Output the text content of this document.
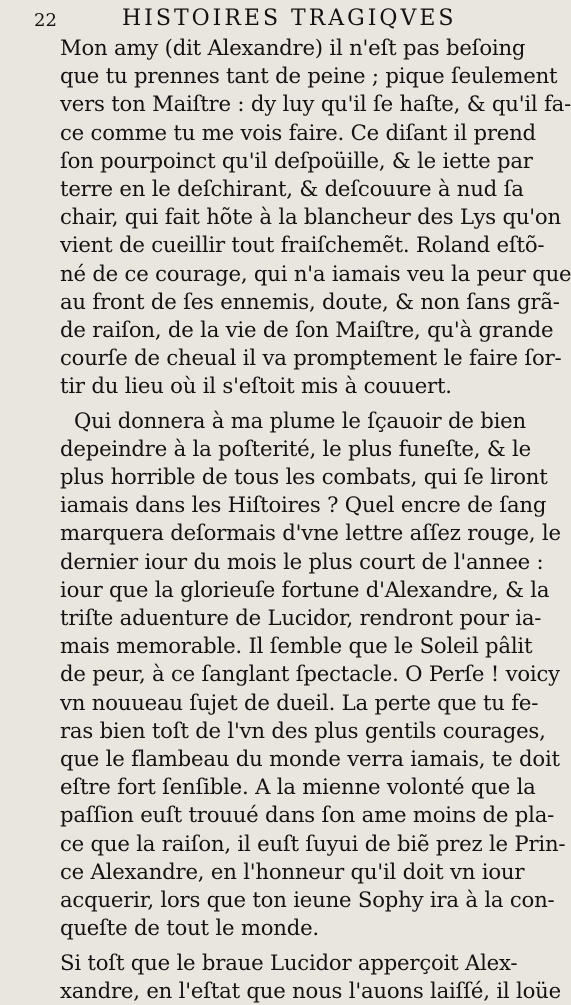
22	HISTOIRES TRAGIQVES

Mon amy (dit Alexandre) il n'eſt pas beſoing
que tu prennes tant de peine ; pique ſeulement
vers ton Maiſtre : dy luy qu'il ſe haſte, & qu'il fa-
ce comme tu me vois faire. Ce diſant il prend
ſon pourpoinct qu'il deſpoüille, & le iette par
terre en le deſchirant, & deſcouure à nud ſa
chair, qui fait hõte à la blancheur des Lys qu'on
vient de cueillir tout fraiſchemẽt. Roland eſtõ-
né de ce courage, qui n'a iamais veu la peur que
au front de ſes ennemis, doute, & non ſans grã-
de raiſon, de la vie de ſon Maiſtre, qu'à grande
courſe de cheual il va promptement le faire ſor-
tir du lieu où il s'eſtoit mis à couuert.

Qui donnera à ma plume le ſçauoir de bien
depeindre à la poſterité, le plus funeſte, & le
plus horrible de tous les combats, qui ſe liront
iamais dans les Hiſtoires ? Quel encre de ſang
marquera deſormais d'vne lettre aſſez rouge, le
dernier iour du mois le plus court de l'annee :
iour que la glorieuſe fortune d'Alexandre, & la
triſte aduenture de Lucidor, rendront pour ia-
mais memorable. Il ſemble que le Soleil pâlit
de peur, à ce ſanglant ſpectacle. O Perſe ! voicy
vn nouueau ſujet de dueil. La perte que tu fe-
ras bien toſt de l'vn des plus gentils courages,
que le flambeau du monde verra iamais, te doit
eſtre fort ſenſible. A la mienne volonté que la
paſſion euſt trouué dans ſon ame moins de pla-
ce que la raiſon, il euſt ſuyui de biẽ prez le Prin-
ce Alexandre, en l'honneur qu'il doit vn iour
acquerir, lors que ton ieune Sophy ira à la con-
queſte de tout le monde.

Si toſt que le braue Lucidor apperçoit Alex-
xandre, en l'eſtat que nous l'auons laiſſé, il loüe
